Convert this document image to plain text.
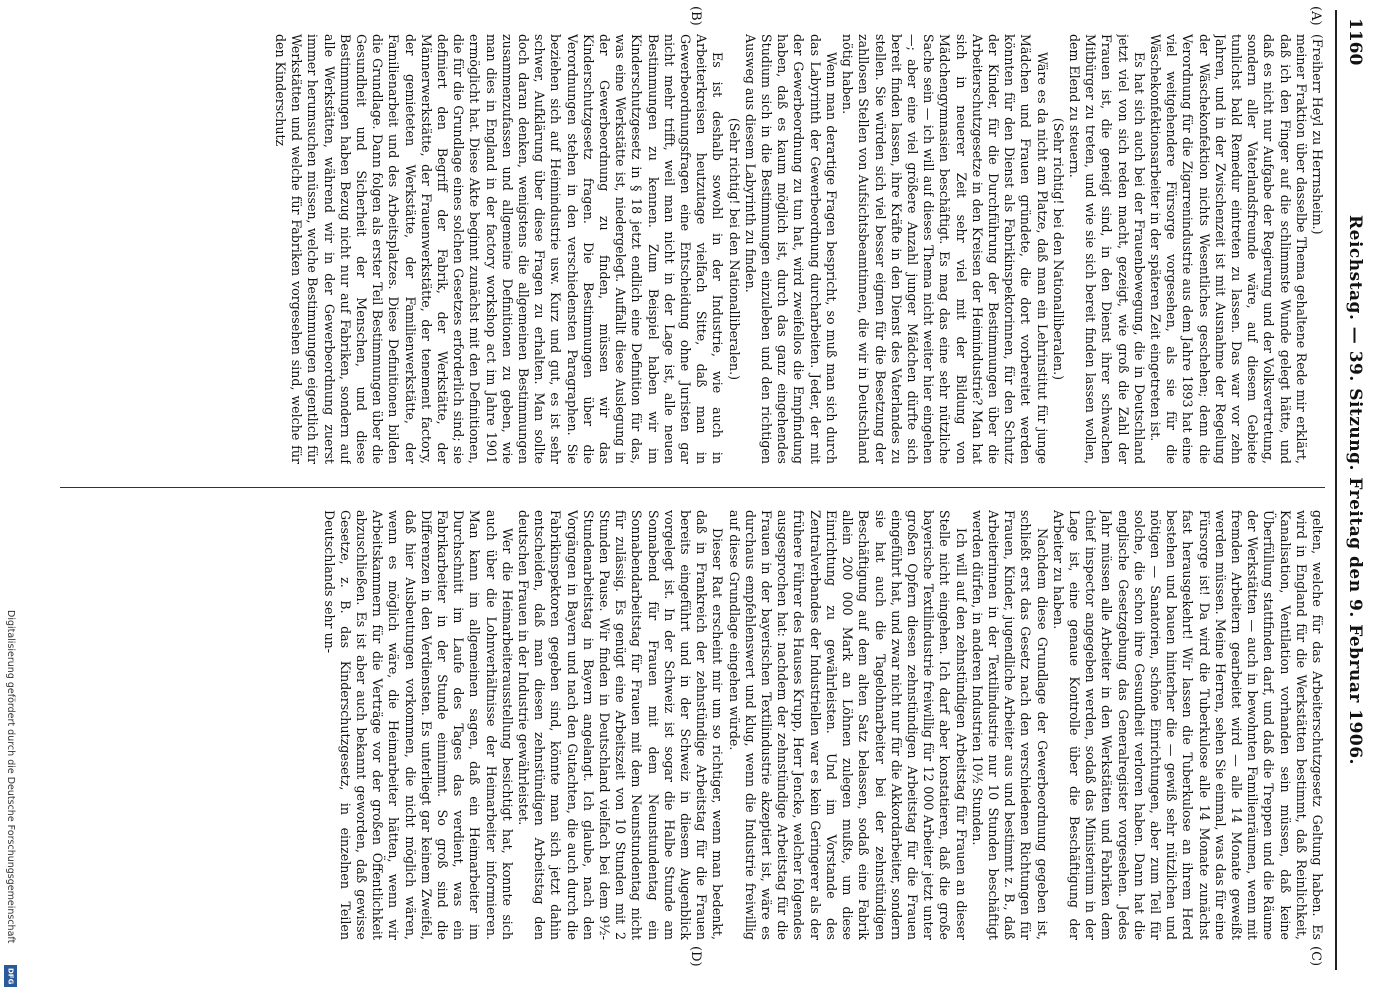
1160
Reichstag. — 39. Sitzung. Freitag den 9. Februar 1906.
(A)
(B)
(C)
(D)

(Freiherr Heyl zu Herrnsheim.)

meiner Fraktion über dasselbe Thema gehaltene Rede mir erklärt, daß ich den Finger auf die schlimmste Wunde gelegt hätte, und daß es nicht nur Aufgabe der Regierung und der Volksvertretung, sondern aller Vaterlandsfreunde wäre, auf diesem Gebiete tunlichst bald Remedur eintreten zu lassen. Das war vor zehn Jahren, und in der Zwischenzeit ist mit Ausnahme der Regelung der Wäschekonfektion nichts Wesentliches geschehen; denn die Verordnung für die Zigarrenindustrie aus dem Jahre 1893 hat eine viel weitgehendere Fürsorge vorgesehen, als sie für die Wäschekonfektionsarbeiter in der späteren Zeit eingetreten ist.

Es hat sich auch bei der Frauenbewegung, die in Deutschland jetzt viel von sich reden macht, gezeigt, wie groß die Zahl der Frauen ist, die geneigt sind, in den Dienst ihrer schwachen Mitbürger zu treten, und wie sie sich bereit finden lassen wollen, dem Elend zu steuern.

(Sehr richtig! bei den Nationalliberalen.)

Wäre es da nicht am Platze, daß man ein Lehrinstitut für junge Mädchen und Frauen gründete, die dort vorbereitet werden könnten für den Dienst als Fabrikinspektorinnen, für den Schutz der Kinder, für die Durchführung der Bestimmungen über die Arbeiterschutzgesetze in den Kreisen der Heimindustrie? Man hat sich in neuerer Zeit sehr viel mit der Bildung von Mädchengymnasien beschäftigt. Es mag das eine sehr nützliche Sache sein — ich will auf dieses Thema nicht weiter hier eingehen —; aber eine viel größere Anzahl junger Mädchen dürfte sich bereit finden lassen, ihre Kräfte in den Dienst des Vaterlandes zu stellen. Sie würden sich viel besser eignen für die Besetzung der zahllosen Stellen von Aufsichtsbeamtinnen, die wir in Deutschland nötig haben.

Wenn man derartige Fragen bespricht, so muß man sich durch das Labyrinth der Gewerbeordnung durcharbeiten. Jeder, der mit der Gewerbeordnung zu tun hat, wird zweifellos die Empfindung haben, daß es kaum möglich ist, durch das ganz eingehendes Studium sich in die Bestimmungen einzuleben und den richtigen Ausweg aus diesem Labyrinth zu finden.

(Sehr richtig! bei den Nationalliberalen.)

Es ist deshalb sowohl in der Industrie, wie auch in Arbeiterkreisen heutzutage vielfach Sitte, daß man in Gewerbeordnungsfragen eine Entscheidung ohne Juristen gar nicht mehr trifft, weil man nicht in der Lage ist, alle neuen Bestimmungen zu kennen. Zum Beispiel haben wir im Kinderschutzgesetz in § 18 jetzt endlich eine Definition für das, was eine Werkstätte ist, niedergelegt. Auffallt diese Auslegung in der Gewerbeordnung zu finden, müssen wir das Kinderschutzgesetz fragen. Die Bestimmungen über die Verordnungen stehen in den verschiedensten Paragraphen. Sie beziehen sich auf Heimindustrie usw. Kurz und gut, es ist sehr schwer, Aufklärung über diese Fragen zu erhalten. Man sollte doch daran denken, wenigstens die allgemeinen Bestimmungen zusammenzufassen und allgemeine Definitionen zu geben, wie man dies in England in der factory workshop act im Jahre 1901 ermöglicht hat. Diese Akte beginnt zunächst mit den Definitionen, die für die Grundlage eines solchen Gesetzes erforderlich sind; sie definiert den Begriff der Fabrik, der Werkstätte, der Männerwerkstätte, der Frauenwerkstätte, der tenement factory, der gemieteten Werkstätte, der Familienwerkstätte, der Familienarbeit und des Arbeitsplatzes. Diese Definitionen bilden die Grundlage. Dann folgen als erster Teil Bestimmungen über die Gesundheit und Sicherheit der Menschen, und diese Bestimmungen haben Bezug nicht nur auf Fabriken, sondern auf alle Werkstätten, während wir in der Gewerbeordnung zuerst immer herumsuchen müssen, welche Bestimmungen eigentlich für Werkstätten und welche für Fabriken vorgesehen sind, welche für den Kinderschutz

gelten, welche für das Arbeiterschutzgesetz Geltung haben. Es wird in England für die Werkstätten bestimmt, daß Reinlichkeit, Kanalisation, Ventilation vorhanden sein müssen, daß keine Überfüllung stattfinden darf, und daß die Treppen und die Räume der Werkstätten — auch in bewohnten Familienräumen, wenn mit fremden Arbeitern gearbeitet wird — alle 14 Monate geweißt werden müssen. Meine Herren, sehen Sie einmal, was das für eine Fürsorge ist! Da wird die Tuberkulose alle 14 Monate zunächst fast herausgekehrt! Wir lassen die Tuberkulose an ihrem Herd bestehen und bauen hinterher die — gewiß sehr nützlichen und nötigen — Sanatorien, schöne Einrichtungen, aber zum Teil für solche, die schon ihre Gesundheit verloren haben. Dann hat die englische Gesetzgebung das Generalregister vorgesehen. Jedes Jahr müssen alle Arbeiter in den Werkstätten und Fabriken dem chief inspector angegeben werden, sodaß das Ministerium in der Lage ist, eine genaue Kontrolle über die Beschäftigung der Arbeiter zu haben.

Nachdem diese Grundlage der Gewerbeordnung gegeben ist, schließt erst das Gesetz nach den verschiedenen Richtungen für Frauen, Kinder, jugendliche Arbeiter aus und bestimmt z. B., daß Arbeiterinnen in der Textilindustrie nur 10 Stunden beschäftigt werden dürfen, in anderen Industrien 10½ Stunden.

Ich will auf den zehnstündigen Arbeitstag für Frauen an dieser Stelle nicht eingehen. Ich darf aber konstatieren, daß die große bayerische Textilindustrie freiwillig für 12 000 Arbeiter jetzt unter großen Opfern diesen zehnstündigen Arbeitstag für die Frauen eingeführt hat, und zwar nicht nur für die Akkordarbeiter, sondern sie hat auch die Tagelohnarbeiter bei der zehnstündigen Beschäftigung auf dem alten Satz belassen, sodaß eine Fabrik allein 200 000 Mark an Löhnen zulegen mußte, um diese Einrichtung zu gewährleisten. Und im Vorstande des Zentralverbandes der Industriellen war es kein Geringerer als der frühere Führer des Hauses Krupp, Herr Jencke, welcher folgendes ausgesprochen hat: nachdem der zehnstündige Arbeitstag für die Frauen in der bayerischen Textilindustrie akzeptiert ist, wäre es durchaus empfehlenswert und klug, wenn die Industrie freiwillig auf diese Grundlage eingehen würde.

Dieser Rat erscheint mir um so richtiger, wenn man bedenkt, daß in Frankreich der zehnstündige Arbeitstag für die Frauen bereits eingeführt und in der Schweiz in diesem Augenblick vorgelegt ist. In der Schweiz ist sogar die Halbe Stunde am Sonnabend für Frauen mit dem Neunstundentag ein Sonnabendarbeitstag für Frauen mit dem Neunstundentag nicht für zulässig. Es genügt eine Arbeitszeit von 10 Stunden mit 2 Stunden Pause. Wir finden in Deutschland vielfach bei dem 9½-Stundenarbeitstag in Bayern angelangt. Ich glaube, nach den Vorgängen in Bayern und nach den Gutachten, die auch durch die Fabrikinspektoren gegeben sind, könnte man sich jetzt dahin entscheiden, daß man diesen zehnstündigen Arbeitstag den deutschen Frauen in der Industrie gewährleistet.

Wer die Heimarbeiterausstellung besichtigt hat, konnte sich auch über die Lohnverhältnisse der Heimarbeiter informieren. Man kann im allgemeinen sagen, daß ein Heimarbeiter im Durchschnitt im Laufe des Tages das verdient, was ein Fabrikarbeiter in der Stunde einnimmt. So groß sind die Differenzen in den Verdiensten. Es unterliegt gar keinem Zweifel, daß hier Ausbeutungen vorkommen, die nicht möglich wären, wenn es möglich wäre, die Heimarbeiter hätten, wenn wir Arbeitskammern für die Verträge vor der großen Öffentlichkeit abzuschließen. Es ist aber auch bekannt geworden, daß gewisse Gesetze, z. B. das Kinderschutzgesetz, in einzelnen Teilen Deutschlands sehr un-

Digitalisierung gefördert durch die Deutsche Forschungsgemeinschaft
DFG
